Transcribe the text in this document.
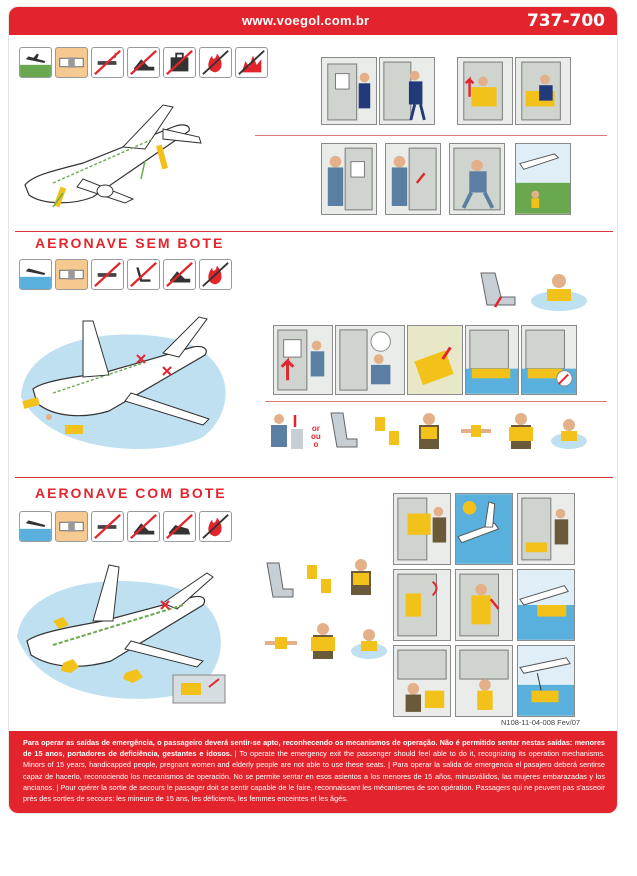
www.voegol.com.br	737-700
AERONAVE SEM BOTE
or
ou
o
AERONAVE COM BOTE
N108-11-04-008 Fev/07
Para operar as saídas de emergência, o passageiro deverá sentir-se apto, reconhecendo os mecanismos de operação. Não é permitido sentar nestas saídas: menores de 15 anos, portadores de deficiência, gestantes e idosos. | To operate the emergency exit the passenger should feel able to do it, recognizing its operation mechanisms. Minors of 15 years, handicapped people, pregnant women and elderly people are not able to use these seats. | Para operar la salida de emergencia el pasajero deberá sentirse capaz de hacerlo, reconociendo los mecanismos de operación. No se permite sentar en esos asientos a los menores de 15 años, minusválidos, las mujeres embarazadas y los ancianos. | Pour opérer la sortie de secours le passager doit se sentir capable de le faire, reconnaissant les mécanismes de son opération. Passagers qui ne peuvent pas s'asseoir près des sorties de secours: les mineurs de 15 ans, les déficients, les femmes enceintes et les âgés.
